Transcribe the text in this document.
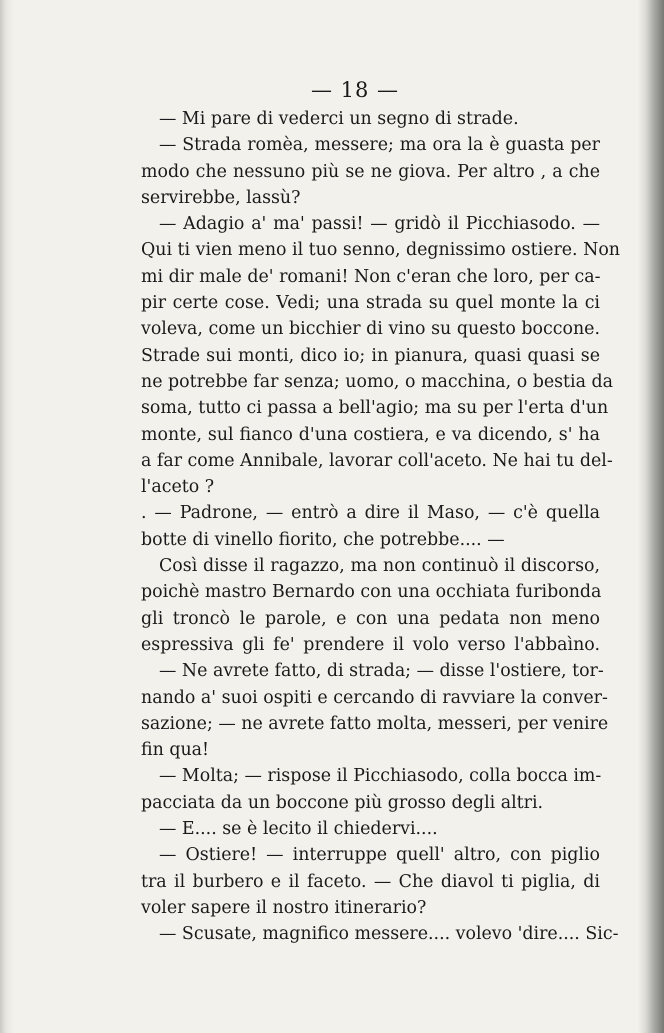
— 18 —
— Mi pare di vederci un segno di strade.
— Strada romèa, messere; ma ora la è guasta per
modo che nessuno più se ne giova. Per altro , a che
servirebbe, lassù?
— Adagio a' ma' passi! — gridò il Picchiasodo. —
Qui ti vien meno il tuo senno, degnissimo ostiere. Non
mi dir male de' romani! Non c'eran che loro, per ca-
pir certe cose. Vedi; una strada su quel monte la ci
voleva, come un bicchier di vino su questo boccone.
Strade sui monti, dico io; in pianura, quasi quasi se
ne potrebbe far senza; uomo, o macchina, o bestia da
soma, tutto ci passa a bell'agio; ma su per l'erta d'un
monte, sul fianco d'una costiera, e va dicendo, s' ha
a far come Annibale, lavorar coll'aceto. Ne hai tu del-
l'aceto ?
. — Padrone, — entrò a dire il Maso, — c'è quella
botte di vinello fiorito, che potrebbe.... —
Così disse il ragazzo, ma non continuò il discorso,
poichè mastro Bernardo con una occhiata furibonda
gli troncò le parole, e con una pedata non meno
espressiva gli fe' prendere il volo verso l'abbaìno.
— Ne avrete fatto, di strada; — disse l'ostiere, tor-
nando a' suoi ospiti e cercando di ravviare la conver-
sazione; — ne avrete fatto molta, messeri, per venire
fin qua!
— Molta; — rispose il Picchiasodo, colla bocca im-
pacciata da un boccone più grosso degli altri.
— E.... se è lecito il chiedervi....
— Ostiere! — interruppe quell' altro, con piglio
tra il burbero e il faceto. — Che diavol ti piglia, di
voler sapere il nostro itinerario?
— Scusate, magnifico messere.... volevo 'dire.... Sic-
